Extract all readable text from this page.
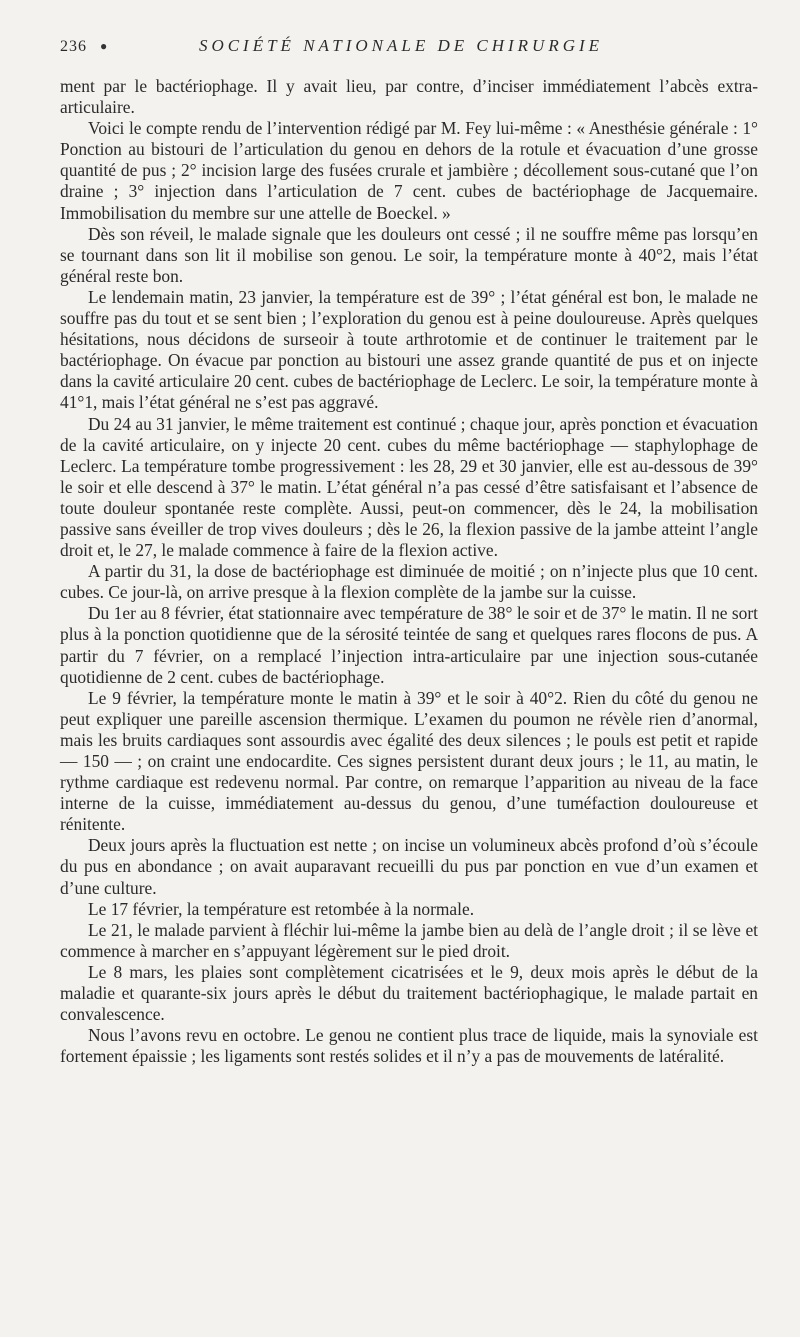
236	●	SOCIÉTÉ NATIONALE DE CHIRURGIE

ment par le bactériophage. Il y avait lieu, par contre, d’inciser immédiatement l’abcès extra-articulaire.

Voici le compte rendu de l’intervention rédigé par M. Fey lui-même : « Anesthésie générale : 1° Ponction au bistouri de l’articulation du genou en dehors de la rotule et évacuation d’une grosse quantité de pus ; 2° incision large des fusées crurale et jambière ; décollement sous-cutané que l’on draine ; 3° injection dans l’articulation de 7 cent. cubes de bactériophage de Jacquemaire. Immobilisation du membre sur une attelle de Boeckel. »

Dès son réveil, le malade signale que les douleurs ont cessé ; il ne souffre même pas lorsqu’en se tournant dans son lit il mobilise son genou. Le soir, la température monte à 40°2, mais l’état général reste bon.

Le lendemain matin, 23 janvier, la température est de 39° ; l’état général est bon, le malade ne souffre pas du tout et se sent bien ; l’exploration du genou est à peine douloureuse. Après quelques hésitations, nous décidons de surseoir à toute arthrotomie et de continuer le traitement par le bactériophage. On évacue par ponction au bistouri une assez grande quantité de pus et on injecte dans la cavité articulaire 20 cent. cubes de bactériophage de Leclerc. Le soir, la température monte à 41°1, mais l’état général ne s’est pas aggravé.

Du 24 au 31 janvier, le même traitement est continué ; chaque jour, après ponction et évacuation de la cavité articulaire, on y injecte 20 cent. cubes du même bactériophage — staphylophage de Leclerc. La température tombe progressivement : les 28, 29 et 30 janvier, elle est au-dessous de 39° le soir et elle descend à 37° le matin. L’état général n’a pas cessé d’être satisfaisant et l’absence de toute douleur spontanée reste complète. Aussi, peut-on commencer, dès le 24, la mobilisation passive sans éveiller de trop vives douleurs ; dès le 26, la flexion passive de la jambe atteint l’angle droit et, le 27, le malade commence à faire de la flexion active.

A partir du 31, la dose de bactériophage est diminuée de moitié ; on n’injecte plus que 10 cent. cubes. Ce jour-là, on arrive presque à la flexion complète de la jambe sur la cuisse.

Du 1er au 8 février, état stationnaire avec température de 38° le soir et de 37° le matin. Il ne sort plus à la ponction quotidienne que de la sérosité teintée de sang et quelques rares flocons de pus. A partir du 7 février, on a remplacé l’injection intra-articulaire par une injection sous-cutanée quotidienne de 2 cent. cubes de bactériophage.

Le 9 février, la température monte le matin à 39° et le soir à 40°2. Rien du côté du genou ne peut expliquer une pareille ascension thermique. L’examen du poumon ne révèle rien d’anormal, mais les bruits cardiaques sont assourdis avec égalité des deux silences ; le pouls est petit et rapide — 150 — ; on craint une endocardite. Ces signes persistent durant deux jours ; le 11, au matin, le rythme cardiaque est redevenu normal. Par contre, on remarque l’apparition au niveau de la face interne de la cuisse, immédiatement au-dessus du genou, d’une tuméfaction douloureuse et rénitente.

Deux jours après la fluctuation est nette ; on incise un volumineux abcès profond d’où s’écoule du pus en abondance ; on avait auparavant recueilli du pus par ponction en vue d’un examen et d’une culture.

Le 17 février, la température est retombée à la normale.

Le 21, le malade parvient à fléchir lui-même la jambe bien au delà de l’angle droit ; il se lève et commence à marcher en s’appuyant légèrement sur le pied droit.

Le 8 mars, les plaies sont complètement cicatrisées et le 9, deux mois après le début de la maladie et quarante-six jours après le début du traitement bactériophagique, le malade partait en convalescence.

Nous l’avons revu en octobre. Le genou ne contient plus trace de liquide, mais la synoviale est fortement épaissie ; les ligaments sont restés solides et il n’y a pas de mouvements de latéralité.
